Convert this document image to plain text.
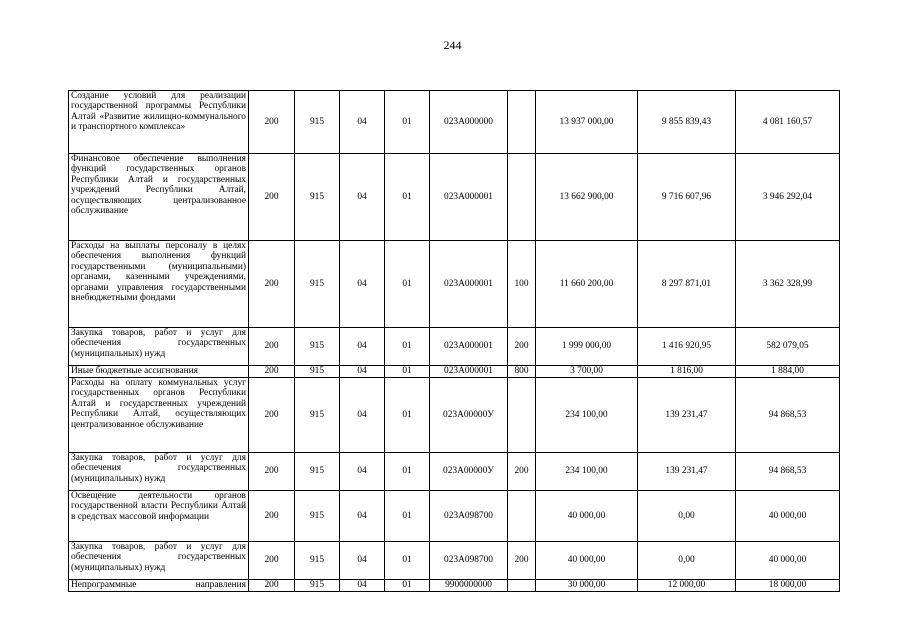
244
Создание условий для реализации государственной программы Республики Алтай «Развитие жилищно-коммунального и транспортного комплекса»	200	915	04	01	023A000000		13 937 000,00	9 855 839,43	4 081 160,57
Финансовое обеспечение выполнения функций государственных органов Республики Алтай и государственных учреждений Республики Алтай, осуществляющих централизованное обслуживание	200	915	04	01	023A000001		13 662 900,00	9 716 607,96	3 946 292,04
Расходы на выплаты персоналу в целях обеспечения выполнения функций государственными (муниципальными) органами, казенными учреждениями, органами управления государственными внебюджетными фондами	200	915	04	01	023A000001	100	11 660 200,00	8 297 871,01	3 362 328,99
Закупка товаров, работ и услуг для обеспечения государственных (муниципальных) нужд	200	915	04	01	023A000001	200	1 999 000,00	1 416 920,95	582 079,05
Иные бюджетные ассигнования	200	915	04	01	023A000001	800	3 700,00	1 816,00	1 884,00
Расходы на оплату коммунальных услуг государственных органов Республики Алтай и государственных учреждений Республики Алтай, осуществляющих централизованное обслуживание	200	915	04	01	023A00000У		234 100,00	139 231,47	94 868,53
Закупка товаров, работ и услуг для обеспечения государственных (муниципальных) нужд	200	915	04	01	023A00000У	200	234 100,00	139 231,47	94 868,53
Освещение деятельности органов государственной власти Республики Алтай в средствах массовой информации	200	915	04	01	023A098700		40 000,00	0,00	40 000,00
Закупка товаров, работ и услуг для обеспечения государственных (муниципальных) нужд	200	915	04	01	023A098700	200	40 000,00	0,00	40 000,00
Непрограммные направления	200	915	04	01	9900000000		30 000,00	12 000,00	18 000,00
